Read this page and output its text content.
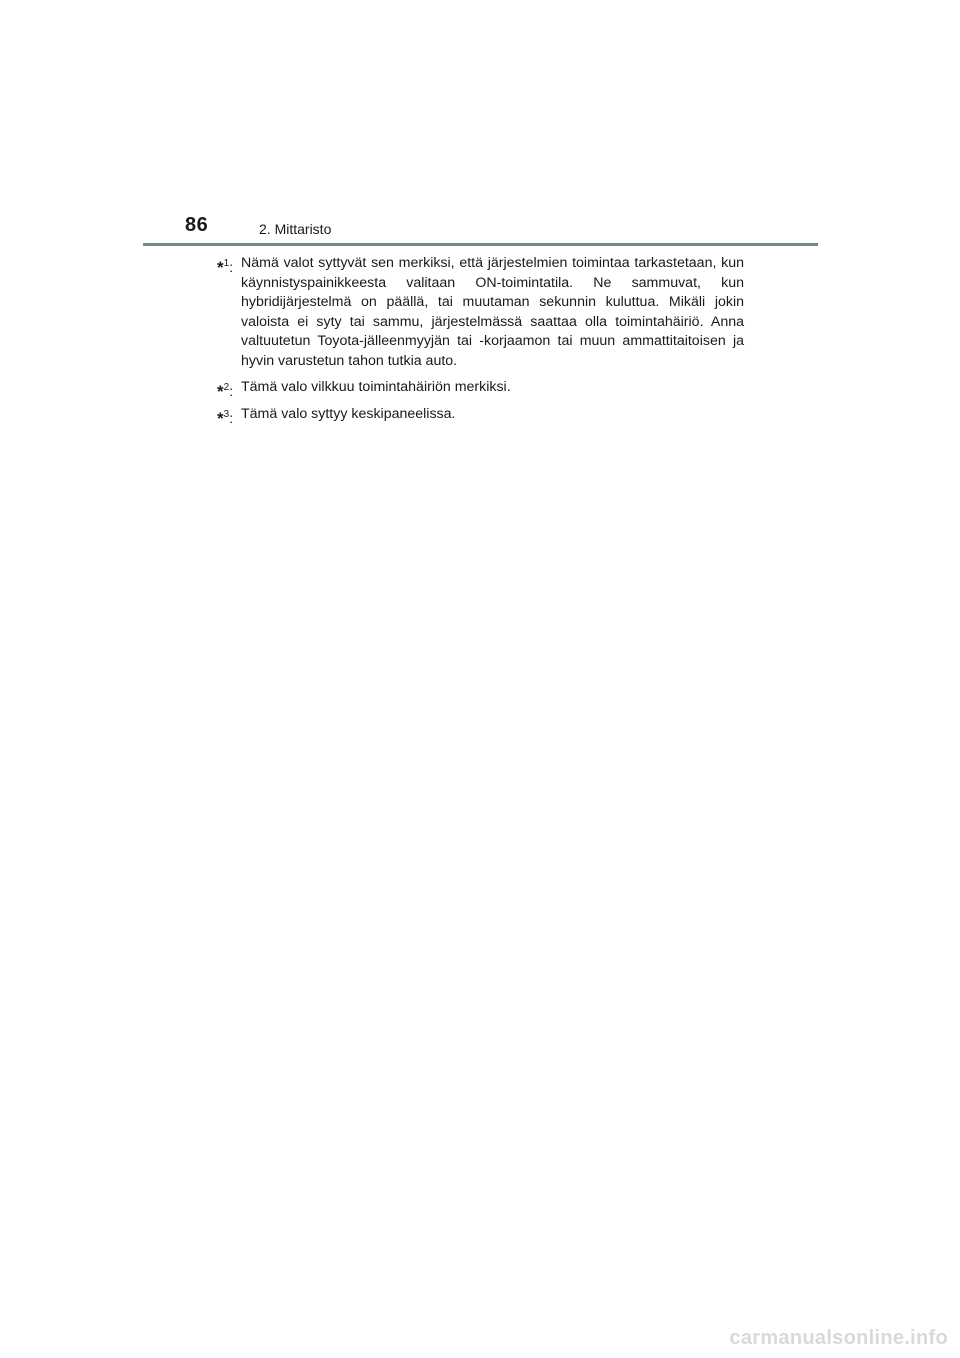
86	2. Mittaristo
*$^1$: Nämä valot syttyvät sen merkiksi, että järjestelmien toimintaa tarkastetaan, kun käynnistyspainikkeesta valitaan ON-toimintatila. Ne sammuvat, kun hybridijärjestelmä on päällä, tai muutaman sekunnin kuluttua. Mikäli jokin valoista ei syty tai sammu, järjestelmässä saattaa olla toimintahäiriö. Anna valtuutetun Toyota-jälleenmyyjän tai -korjaamon tai muun ammattitaitoisen ja hyvin varustetun tahon tutkia auto.
*$^2$: Tämä valo vilkkuu toimintahäiriön merkiksi.
*$^3$: Tämä valo syttyy keskipaneelissa.
carmanualsonline.info
